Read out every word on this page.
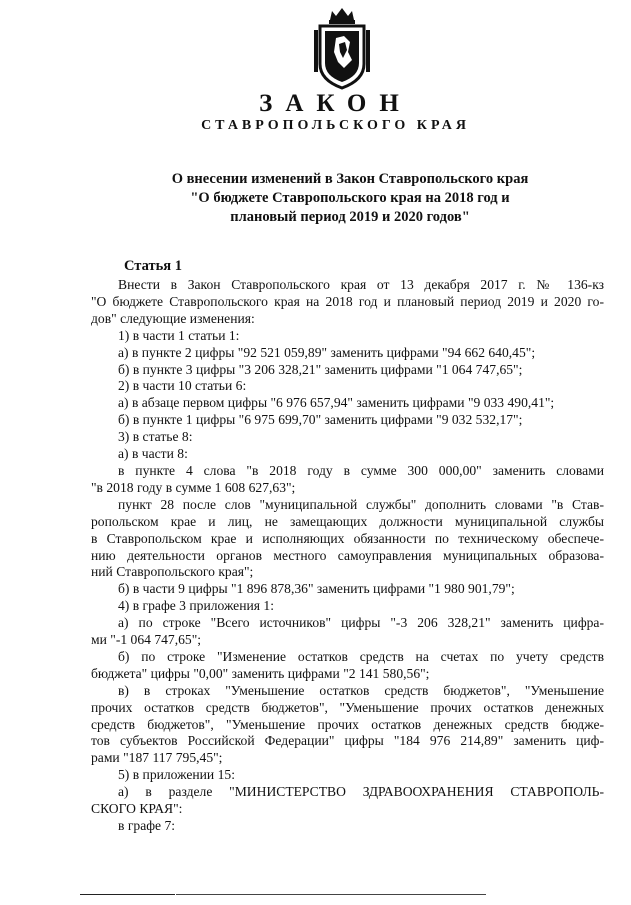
ЗАКОН
СТАВРОПОЛЬСКОГО КРАЯ
О внесении изменений в Закон Ставропольского края
"О бюджете Ставропольского края на 2018 год и
плановый период 2019 и 2020 годов"
Статья 1
Внести в Закон Ставропольского края от 13 декабря 2017 г. № 136-кз
"О бюджете Ставропольского края на 2018 год и плановый период 2019 и 2020 го-
дов" следующие изменения:
1) в части 1 статьи 1:
а) в пункте 2 цифры "92 521 059,89" заменить цифрами "94 662 640,45";
б) в пункте 3 цифры "3 206 328,21" заменить цифрами "1 064 747,65";
2) в части 10 статьи 6:
а) в абзаце первом цифры "6 976 657,94" заменить цифрами "9 033 490,41";
б) в пункте 1 цифры "6 975 699,70" заменить цифрами "9 032 532,17";
3) в статье 8:
а) в части 8:
в пункте 4 слова "в 2018 году в сумме 300 000,00" заменить словами
"в 2018 году в сумме 1 608 627,63";
пункт 28 после слов "муниципальной службы" дополнить словами "в Став-
ропольском крае и лиц, не замещающих должности муниципальной службы
в Ставропольском крае и исполняющих обязанности по техническому обеспече-
нию деятельности органов местного самоуправления муниципальных образова-
ний Ставропольского края";
б) в части 9 цифры "1 896 878,36" заменить цифрами "1 980 901,79";
4) в графе 3 приложения 1:
а) по строке "Всего источников" цифры "-3 206 328,21" заменить цифра-
ми "-1 064 747,65";
б) по строке "Изменение остатков средств на счетах по учету средств
бюджета" цифры "0,00" заменить цифрами "2 141 580,56";
в) в строках "Уменьшение остатков средств бюджетов", "Уменьшение
прочих остатков средств бюджетов", "Уменьшение прочих остатков денежных
средств бюджетов", "Уменьшение прочих остатков денежных средств бюдже-
тов субъектов Российской Федерации" цифры "184 976 214,89" заменить циф-
рами "187 117 795,45";
5) в приложении 15:
а) в разделе "МИНИСТЕРСТВО ЗДРАВООХРАНЕНИЯ СТАВРОПОЛЬ-
СКОГО КРАЯ":
в графе 7:
